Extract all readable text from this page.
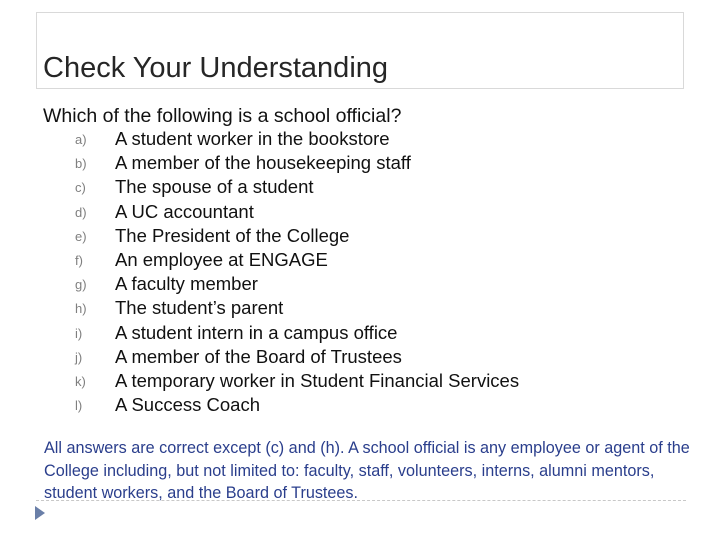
Check Your Understanding
Which of the following is a school official?
a) A student worker in the bookstore
b) A member of the housekeeping staff
c) The spouse of a student
d) A UC accountant
e) The President of the College
f) An employee at ENGAGE
g) A faculty member
h) The student’s parent
i) A student intern in a campus office
j) A member of the Board of Trustees
k) A temporary worker in Student Financial Services
l) A Success Coach
All answers are correct except (c) and (h). A school official is any employee or agent of the College including, but not limited to: faculty, staff, volunteers, interns, alumni mentors, student workers, and the Board of Trustees.
